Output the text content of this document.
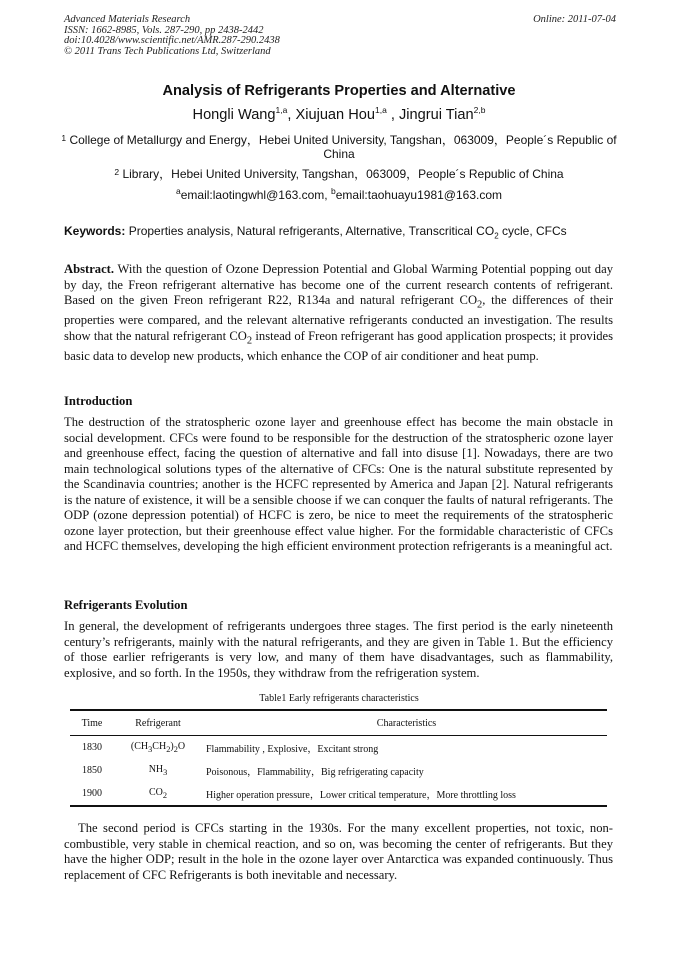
Advanced Materials Research
ISSN: 1662-8985, Vols. 287-290, pp 2438-2442
doi:10.4028/www.scientific.net/AMR.287-290.2438
© 2011 Trans Tech Publications Ltd, Switzerland
Online: 2011-07-04
Analysis of Refrigerants Properties and Alternative
Hongli Wang$^{1,a}$, Xiujuan Hou$^{1,a}$ , Jingrui Tian$^{2,b}$
$^1$ College of Metallurgy and Energy，Hebei United University, Tangshan，063009，People´s Republic of China
$^2$ Library，Hebei United University, Tangshan，063009，People´s Republic of China
$^a$email:laotingwhl@163.com, $^b$email:taohuayu1981@163.com
Keywords: Properties analysis, Natural refrigerants, Alternative, Transcritical $CO_2$ cycle, CFCs
Abstract. With the question of Ozone Depression Potential and Global Warming Potential popping out day by day, the Freon refrigerant alternative has become one of the current research contents of refrigerant. Based on the given Freon refrigerant R22, R134a and natural refrigerant $CO_2$, the differences of their properties were compared, and the relevant alternative refrigerants conducted an investigation. The results show that the natural refrigerant $CO_2$ instead of Freon refrigerant has good application prospects; it provides basic data to develop new products, which enhance the COP of air conditioner and heat pump.
Introduction
The destruction of the stratospheric ozone layer and greenhouse effect has become the main obstacle in social development. CFCs were found to be responsible for the destruction of the stratospheric ozone layer and greenhouse effect, facing the question of alternative and fall into disuse [1]. Nowadays, there are two main technological solutions types of the alternative of CFCs: One is the natural substitute represented by the Scandinavia countries; another is the HCFC represented by America and Japan [2]. Natural refrigerants is the nature of existence, it will be a sensible choose if we can conquer the faults of natural refrigerants. The ODP (ozone depression potential) of HCFC is zero, be nice to meet the requirements of the stratospheric ozone layer protection, but their greenhouse effect value higher. For the formidable characteristic of CFCs and HCFC themselves, developing the high efficient environment protection refrigerants is a meaningful act.
Refrigerants Evolution
In general, the development of refrigerants undergoes three stages. The first period is the early nineteenth century’s refrigerants, mainly with the natural refrigerants, and they are given in Table 1. But the efficiency of those earlier refrigerants is very low, and many of them have disadvantages, such as flammability, explosive, and so forth. In the 1950s, they withdraw from the refrigeration system.
Table1 Early refrigerants characteristics
Time	Refrigerant	Characteristics
1830	$(CH_3CH_2)_2O$	Flammability , Explosive，Excitant strong
1850	$NH_3$	Poisonous，Flammability，Big refrigerating capacity
1900	$CO_2$	Higher operation pressure，Lower critical temperature，More throttling loss
The second period is CFCs starting in the 1930s. For the many excellent properties, not toxic, non-combustible, very stable in chemical reaction, and so on, was becoming the center of refrigerants. But they have the higher ODP; result in the hole in the ozone layer over Antarctica was expanded continuously. Thus replacement of CFC Refrigerants is both inevitable and necessary.
